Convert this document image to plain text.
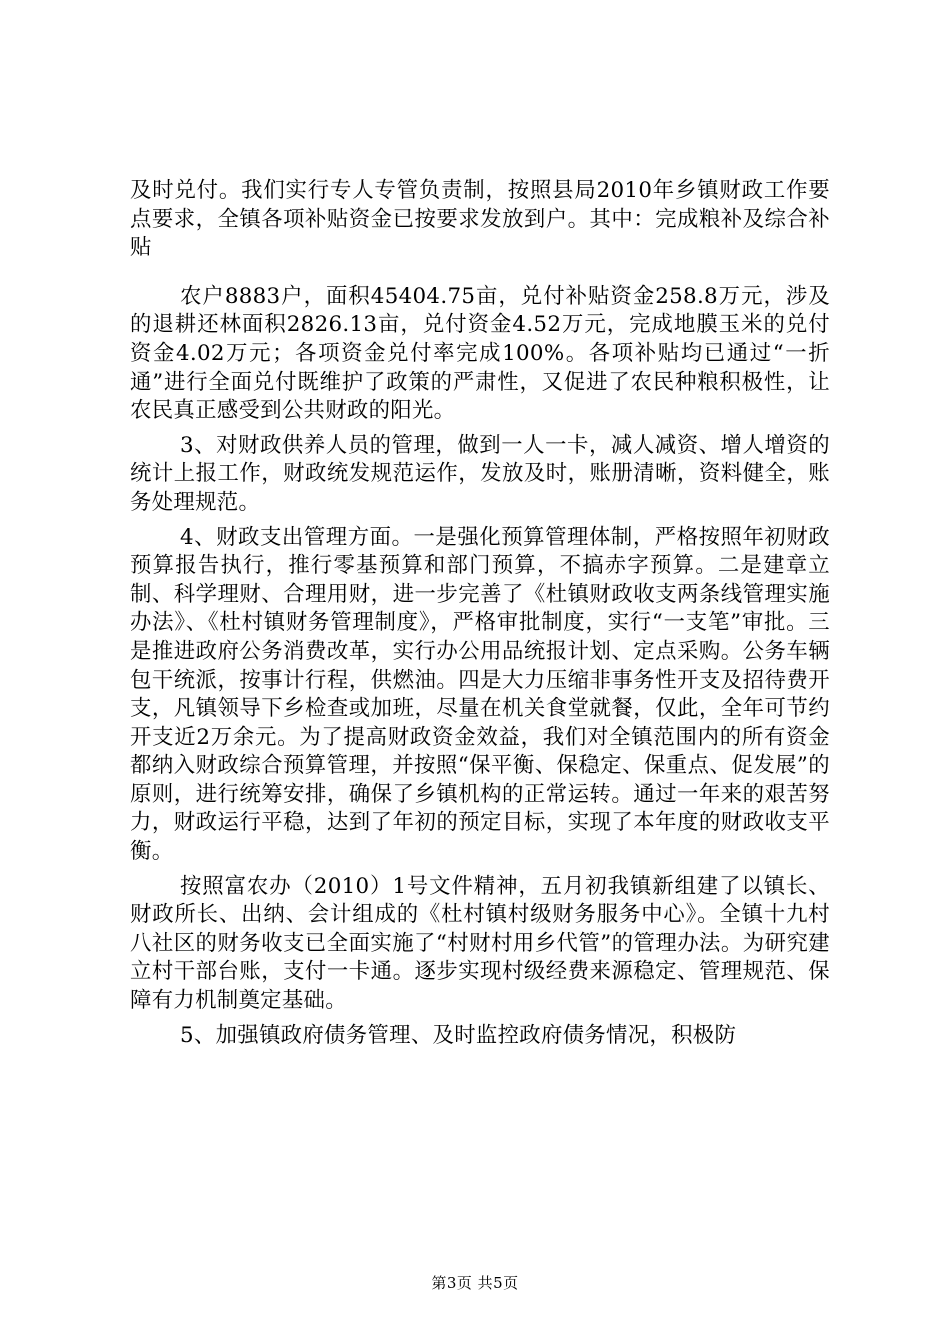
及时兑付。我们实行专人专管负责制，按照县局2010年乡镇财政工作要点要求，全镇各项补贴资金已按要求发放到户。其中：完成粮补及综合补贴

农户8883户，面积45404.75亩，兑付补贴资金258.8万元，涉及的退耕还林面积2826.13亩，兑付资金4.52万元，完成地膜玉米的兑付资金4.02万元；各项资金兑付率完成100%。各项补贴均已通过“一折通”进行全面兑付既维护了政策的严肃性，又促进了农民种粮积极性，让农民真正感受到公共财政的阳光。

3、对财政供养人员的管理，做到一人一卡，减人减资、增人增资的统计上报工作，财政统发规范运作，发放及时，账册清晰，资料健全，账务处理规范。

4、财政支出管理方面。一是强化预算管理体制，严格按照年初财政预算报告执行，推行零基预算和部门预算，不搞赤字预算。二是建章立制、科学理财、合理用财，进一步完善了《杜镇财政收支两条线管理实施办法》、《杜村镇财务管理制度》，严格审批制度，实行“一支笔”审批。三是推进政府公务消费改革，实行办公用品统报计划、定点采购。公务车辆包干统派，按事计行程，供燃油。四是大力压缩非事务性开支及招待费开支，凡镇领导下乡检查或加班，尽量在机关食堂就餐，仅此，全年可节约开支近2万余元。为了提高财政资金效益，我们对全镇范围内的所有资金都纳入财政综合预算管理，并按照“保平衡、保稳定、保重点、促发展”的原则，进行统筹安排，确保了乡镇机构的正常运转。通过一年来的艰苦努力，财政运行平稳，达到了年初的预定目标，实现了本年度的财政收支平衡。

按照富农办（2010）1号文件精神，五月初我镇新组建了以镇长、财政所长、出纳、会计组成的《杜村镇村级财务服务中心》。全镇十九村八社区的财务收支已全面实施了“村财村用乡代管”的管理办法。为研究建立村干部台账，支付一卡通。逐步实现村级经费来源稳定、管理规范、保障有力机制奠定基础。

5、加强镇政府债务管理、及时监控政府债务情况，积极防

第3页 共5页
